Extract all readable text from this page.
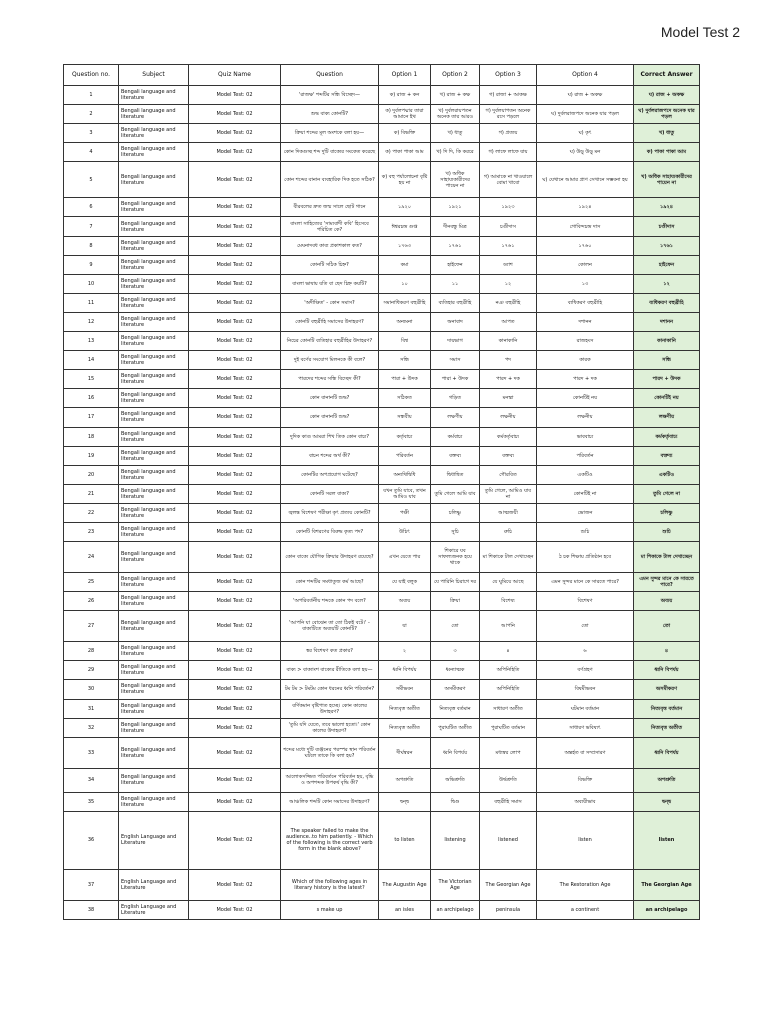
Model Test 2
Question no.	Subject	Quiz Name	Question	Option 1	Option 2	Option 3	Option 4	Correct Answer
1	Bengali language and literature	Model Test: 02	'রাজক্ষ' শব্দটির সন্ধি বিচ্ছেদ—	ক) রাজ + কন	খ) রাজ + কক্ষ	গ) রাজা + আকক্ষ	ঘ) রাজ + অকক্ষ	ঘ) রাজ + অকক্ষ
2	Bengali language and literature	Model Test: 02	শুদ্ধ বাক্য কোনটি?	ক) দুর্বলপদ্মার তারা আমানে ইথ	খ) দুর্বলরায়পতন অনেক তার আরও	গ) দুর্বলয়াপতন অনেক রসে পড়লে	ঘ) দুর্বলরাজপদে অনেক যার পড়ল	ঘ) দুর্বলরাজপদে অনেক যার পড়ল
3	Bengali language and literature	Model Test: 02	ক্রিয়া শব্দের মূল অংশকে বলা হয়—	ক) বিভক্তি	খ) ধাতু	গ) প্রত্যয়	ঘ) কৃৎ	খ) ধাতু
4	Bengali language and literature	Model Test: 02	কোন দিকগুচ্ছ শব্দ দুটি বাক্যের সংকেত করেছে	ক) পাকা পাকা আম	খ) দি দি, কি কররে	গ) লাফে লাফে যায়	ঘ) উড়ু উড়ু মন	ক) পাকা পাকা আম
5	Bengali language and literature	Model Test: 02	কোন শব্দের বানান ব্যবহারিক দিক হতে সঠিক?	ক) বহু পর্যালোচনা বৃষ্টি হয় না	খ) অধিক সাহায্যকারীদের পায়েন না	গ) আমাকে না খাওয়ালে বোমা খাবো	ঘ) যেখানে আমার প্রাণ সেখানে সম্ভবনা হয়	খ) অধিক সাহায্যকারীদের পায়েন না
6	Bengali language and literature	Model Test: 02	বীরবলের দ্রুত জন্ম সালে ছোট গানে	১৯২০	১৯২১	১৯২৩	১৯২৪	১৯২৪
7	Bengali language and literature	Model Test: 02	বাংলা সাহিত্যের 'সাম্যবাদী কবি' হিসেবে পরিচিত কে?	ঈশ্বরচন্দ্র গুপ্ত	দীনবন্ধু মিত্র	চণ্ডীদাস	গোবিন্দচন্দ্র দাস	চণ্ডীদাস
8	Bengali language and literature	Model Test: 02	মেঘনাদবধ কাব্য প্রকাশকাল কত?	১৭৬৩	১৭৬১	১৭৬১	১৭৬০	১৭৬১
9	Bengali language and literature	Model Test: 02	কোনটি সঠিক চিহ্ন?	কমা	হাইফেন	ড্যাশ	কোলন	হাইফেন
10	Bengali language and literature	Model Test: 02	বাংলা ভাষায় যতি বা ছেদ চিহ্ন কয়টি?	১০	১১	১২	১৩	১২
11	Bengali language and literature	Model Test: 02	'অদীক্ষিত' - কোন সমাস?	সমানাধিকরণ বহুব্রীহি	ব্যতিহার বহুব্রীহি	নঞ বহুব্রীহি	ব্যধিকরণ বহুব্রীহি	ব্যধিকরণ বহুব্রীহি
12	Bengali language and literature	Model Test: 02	কোনটি বহুব্রীহি সমাসের উদাহরণ?	অন্যমনা	অনাবাদ	আপত	দশানন	দশানন
13	Bengali language and literature	Model Test: 02	নিচের কোনটি ব্যতিহার বহুব্রীহির উদাহরণ?	বিশ্ব	দায়ভাগ	কানাকানি	রাজহংস	কানাকানি
14	Bengali language and literature	Model Test: 02	দুই বর্ণের সংযোগ মিলনকে কী বলে?	সন্ধি	সমাস	পদ	কারক	সন্ধি
15	Bengali language and literature	Model Test: 02	পারদের শব্দের সন্ধি বিচ্ছেদ কী?	পারা + উদক	পারা + উদক	পারদ + দক	পারদ + দক	পারদ + উদক
16	Bengali language and literature	Model Test: 02	কোন বানানটি শুদ্ধ?	সঠিকত	গড়িত	মনস্কা	কোনটিই নয়	কোনটিই নয়
17	Bengali language and literature	Model Test: 02	কোন বানানটি শুদ্ধ?	সন্ধবীয়	লক্ষণীয়	লক্ষনীয়	লক্ষনীয়	লক্ষণীয়
18	Bengali language and literature	Model Test: 02	দুদিক কাণ্ড আমরা শিখ তিক কোন বাচ্য?	কর্তৃবাচ্য	কর্মবাচ্য	কর্মকর্তৃবাচ্য	ভাববাচ্য	কর্মকর্তৃবাচ্য
19	Bengali language and literature	Model Test: 02	বাচন শব্দের অর্থ কী?	পরিবর্তন	বক্তব্য	বক্তব্য	পরিবর্তন	বক্তব্য
20	Bengali language and literature	Model Test: 02	কোনটির অপপ্রয়োগ ঘটেছে?	অন্যথিদ্বিধি	দ্বিধাদ্বিত	গৌরবিত	একটিও	একটিও
21	Bengali language and literature	Model Test: 02	কোনটি সরল বাক্য?	যখন তুমি যাবে, তখন আমিও যাব	তুমি গেলে আমি যাব	তুমি গেলে, আমিও যাব না	কোনটিই না	তুমি গেলে না
22	Bengali language and literature	Model Test: 02	জ্বলন্ত বিশেষণ পরীক্ষা কৃৎ প্রত্যয় কোনটি?	পক্ষী	চলিষ্ণু	আত্মজয়ী	ভোজন	চলিষ্ণু
23	Bengali language and literature	Model Test: 02	কোনটি বিশরণের বিরুদ্ধ কৃত্য পদ?	উচিৎ	সুচি	রুচি	শুচি	শুচি
24	Bengali language and literature	Model Test: 02	কোন বাক্যে যৌগিক ক্রিয়ার উদাহরণ রয়েছে?	এখন যেতে পার	শিকারে যব সাফল্যজনক হয়ে থাকে	মা শিকাকে টাল দেখাচ্ছেন	ঠ চক শিক্ষায় প্রতিষ্ঠান হবে	মা শিকাকে টাল দেখাচ্ছেন
25	Bengali language and literature	Model Test: 02	কোন শব্দটির সমধাতুজ কর্ম আছে?	যে যাই বলুক	যে পারিনি চিরাগে দর	যে ঘুমিয়ে আছে	এমন সুন্দর মানে কে সারতে পারে?	এমন সুন্দর মানে কে সারতে পারে?
26	Bengali language and literature	Model Test: 02	'অপরিবর্তনীয় শব্দকে কোন পদ বলে?	অব্যয়	ক্রিয়া	বিশেষ্য	বিশেষণ	অব্যয়
27	Bengali language and literature	Model Test: 02	'আপনি যা বোঝেন তা তো ঠিকই বটে।' - বাক্যটিতে অব্যয়টি কোনটি?	যা	তো	আপনি	তো	তো
28	Bengali language and literature	Model Test: 02	স্বর বিশেষণ কত প্রকার?	২	৩	৪	৬	৪
29	Bengali language and literature	Model Test: 02	বাক্য > বাক্যাংশ বাক্যের রীতিকে বলা হয়—	ধ্বনি বিপর্যয়	ধ্বন্যাত্মক	অপিনিহিতি	বর্ণগ্রহণ	ধ্বনি বিপর্যয়
30	Bengali language and literature	Model Test: 02	টম টম > টমটম কোন ধরনের ধ্বনি পরিবর্তন?	সমীভবন	অসমীকরণ	অপিনিহিতি	বিষমীভবন	অসমীকরণ
31	Bengali language and literature	Model Test: 02	বর্ণিকমান বৃষ্টিপাত হচ্ছে। কোন কালের উদাহরণ?	নিত্যবৃত্ত অতীত	নিত্যবৃত্ত বর্তমান	সাধারণ অতীত	ঘটমান বর্তমান	নিত্যবৃত্ত বর্তমান
32	Bengali language and literature	Model Test: 02	'তুমি যদি যেতে, তবে ভালো হতো।' কোন কালের উদাহরণ?	নিত্যবৃত্ত অতীত	পুরাঘটিত অতীত	পুরাঘটিত বর্তমান	সাধারণ ভবিষ্যৎ	নিত্যবৃত্ত অতীত
33	Bengali language and literature	Model Test: 02	শব্দের মধ্যে দুটি ব্যঞ্জনের পরস্পর স্থান পরিবর্তন ঘটলে তাকে কি বলা হয়?	দীর্ঘস্বরন	ধ্বনি বিপর্যয়	মধ্যস্বর লোপ	অন্তর্হত বা সম্প্রসারণ	ধ্বনি বিপর্যয়
34	Bengali language and literature	Model Test: 02	আলোকসজ্জিত পরিবর্তনে পরিবর্তন হয়, বৃদ্ধি ও অপশব্দক উপকর্ষ বৃদ্ধি কী?	অপশ্রুতি	অভিশ্রুতি	উর্দ্ধশ্রুতি	বিভক্তি	অপশ্রুতি
35	Bengali language and literature	Model Test: 02	আঞ্চলিক শব্দটি কোন সমাসের উদাহরণ?	দ্বন্দ্ব	দ্বিগু	বহুব্রীহি সমাস	অব্যয়ীভাব	দ্বন্দ্ব
36	English Language and Literature	Model Test: 02	The speaker failed to make the audience..to him patiently. - Which of the following is the correct verb form in the blank above?	to listen	listening	listened	listen	listen
37	English Language and Literature	Model Test: 02	Which of the following ages in literary history is the latest?	The Augustin Age	The Victorian Age	The Georgian Age	The Restoration Age	The Georgian Age
38	English Language and Literature	Model Test: 02	s make up	an isles	an archipelago	peninsula	a continent	an archipelago
